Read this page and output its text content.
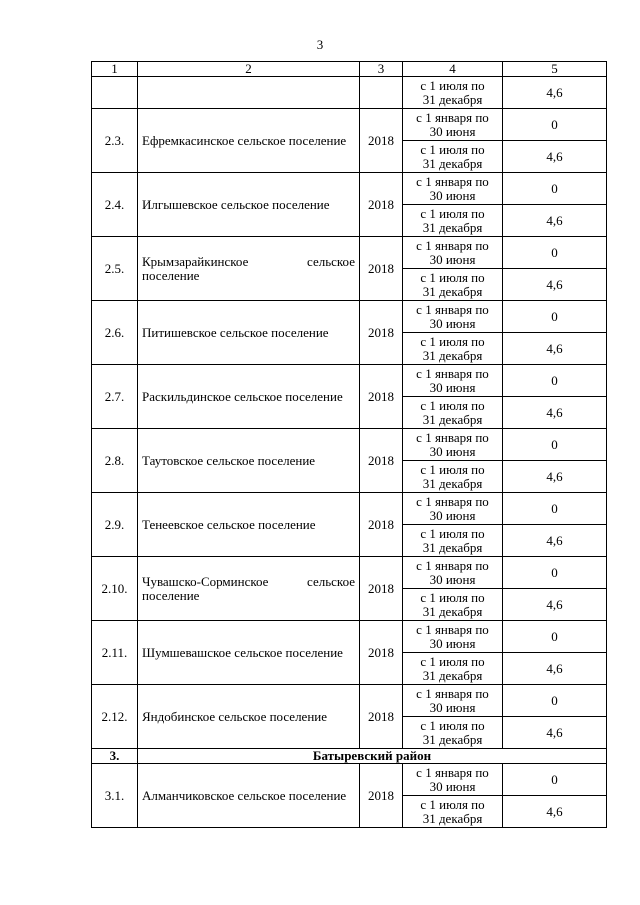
3
1	2	3	4	5

			с 1 июля по
31 декабря	4,6
2.3.	Ефремкасинское сельское поселение	2018	с 1 января по
30 июня	0

			с 1 июля по
31 декабря	4,6
2.4.	Илгышевское сельское поселение	2018	с 1 января по
30 июня	0

			с 1 июля по
31 декабря	4,6
2.5.	Крымзарайкинское сельское поселение	2018	с 1 января по
30 июня	0

			с 1 июля по
31 декабря	4,6
2.6.	Питишевское сельское поселение	2018	с 1 января по
30 июня	0

			с 1 июля по
31 декабря	4,6
2.7.	Раскильдинское сельское поселение	2018	с 1 января по
30 июня	0

			с 1 июля по
31 декабря	4,6
2.8.	Таутовское сельское поселение	2018	с 1 января по
30 июня	0

			с 1 июля по
31 декабря	4,6
2.9.	Тенеевское сельское поселение	2018	с 1 января по
30 июня	0

			с 1 июля по
31 декабря	4,6
2.10.	Чувашско-Сорминское сельское поселение	2018	с 1 января по
30 июня	0

			с 1 июля по
31 декабря	4,6
2.11.	Шумшевашское сельское поселение	2018	с 1 января по
30 июня	0

			с 1 июля по
31 декабря	4,6
2.12.	Яндобинское сельское поселение	2018	с 1 января по
30 июня	0

			с 1 июля по
31 декабря	4,6
3.	Батыревский район			
3.1.	Алманчиковское сельское поселение	2018	с 1 января по
30 июня	0

			с 1 июля по
31 декабря	4,6
